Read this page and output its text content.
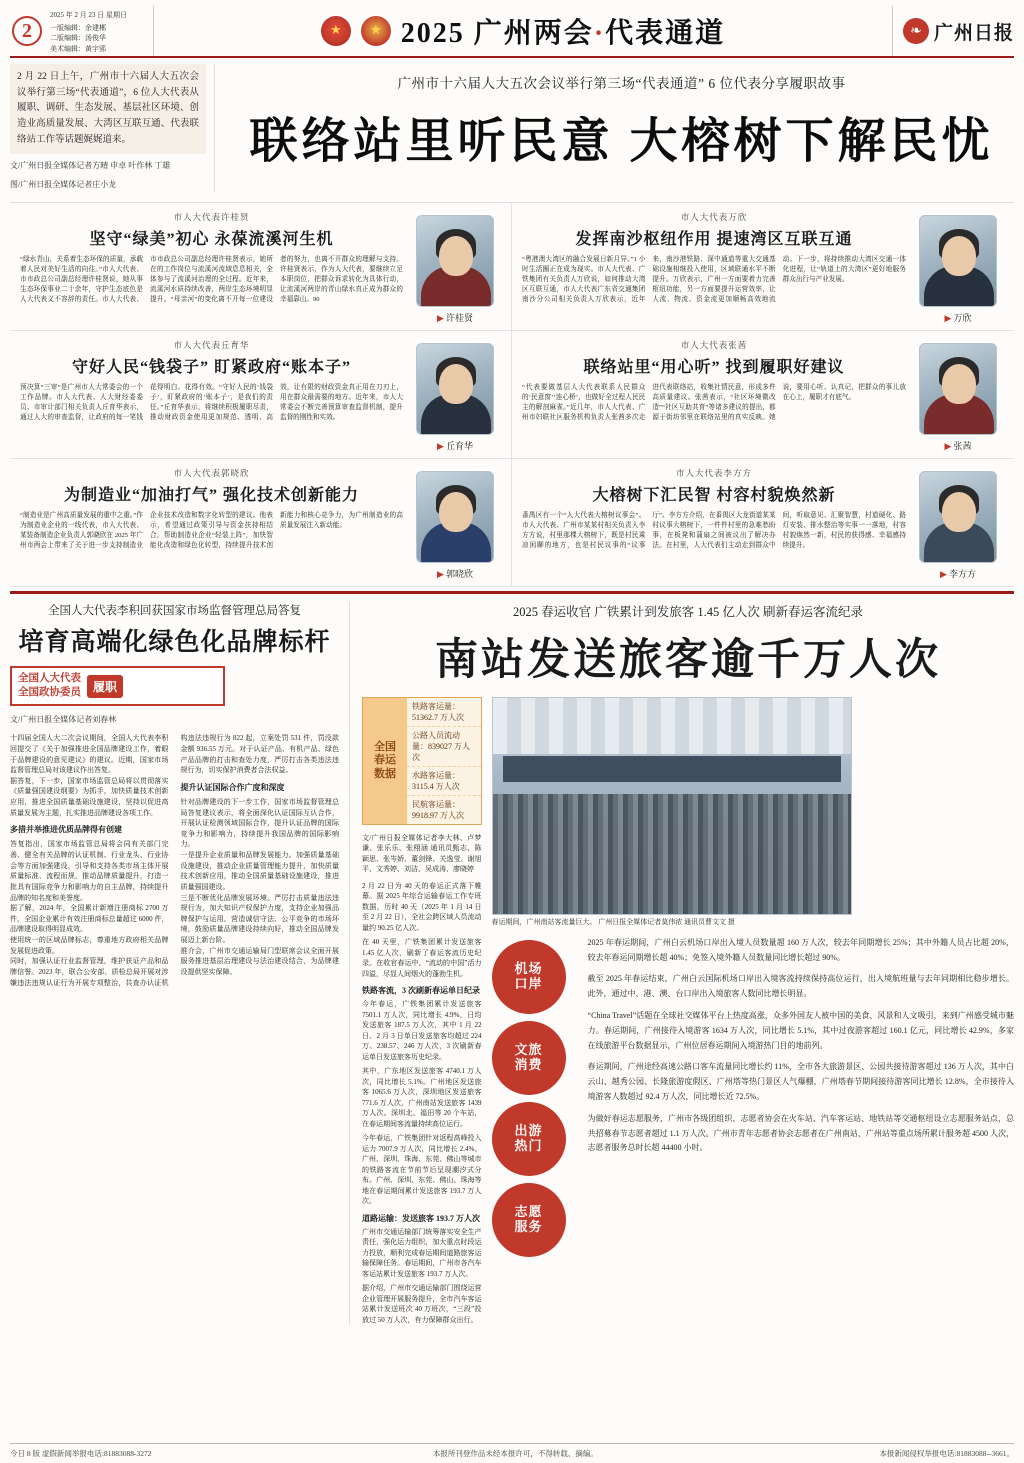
2
2025 年 2 月 23 日 星期日
一版编辑：余建郴
二版编辑：汤俊华
美术编辑：黄宇郢 ★ ★	2025 广州两会·代表通道	❧ 广州日报
2 月 22 日上午，广州市十六届人大五次会议举行第三场“代表通道”，6 位人大代表从履职、调研、生态发展、基层社区环境、创造业高质量发展、大湾区互联互通、代表联络站工作等话题娓娓道来。
文/广州日报全媒体记者方晴 申卓 叶作林 丁雄
图/广州日报全媒体记者庄小龙
广州市十六届人大五次会议举行第三场“代表通道” 6 位代表分享履职故事
联络站里听民意 大榕树下解民忧
市人大代表许桂贤
坚守“绿美”初心 永葆流溪河生机
“绿水青山，关系着生态环保的质量，承载着人民对美好生活的向往。”市人大代表、市市政总公司副总经理许桂贤说，她从事生态环保事业二十余年，守护生态底色是人大代表义不容辞的责任。市人大代表、市市政总公司副总经理许桂贤表示，她所在的工作岗位与流溪河流域息息相关，全体参与了流溪河治理的全过程。近年来，流溪河水质持续改善，两岸生态环境明显提升。“母亲河”的变化离不开每一位建设者的努力，也离不开群众的理解与支持。许桂贤表示，作为人大代表，要继续立足本职岗位，把群众诉求转化为具体行动，让流溪河两岸的青山绿水真正成为群众的幸福靠山。90
▶ 许桂贤
市人大代表万欣
发挥南沙枢纽作用 提速湾区互联互通
“粤港澳大湾区的融合发展日新月异。”1 小时生活圈正在成为现实。市人大代表、广铁集团有关负责人万欣说，如何推动大湾区互联互通，市人大代表广东省交通集团南沙分公司相关负责人万欣表示，近年来，南沙港铁路、深中通道等重大交通基础设施相继投入使用，区域联通水平不断提升。万欣表示，广州一方面要着力完善枢纽功能，另一方面要提升运营效率，让人流、物流、资金流更加顺畅高效地流动。下一步，将持续推动大湾区交通一体化进程，让“轨道上的大湾区”更好地服务群众出行与产业发展。
▶ 万欣
市人大代表丘育华
守好人民“钱袋子” 盯紧政府“账本子”
预决算“三审”是广州市人大常委会的一个工作品牌。市人大代表、人大财经委委员、市审计部门相关负责人丘育华表示，通过人大的审查监督，让政府的每一笔钱花得明白、花得有效。“守好人民的‘钱袋子’，盯紧政府的‘账本子’，是我们的责任。”丘育华表示，将继续积极履职尽责，推动财政资金使用更加规范、透明、高效，让有限的财政资金真正用在刀刃上，用在群众最需要的地方。近年来，市人大常委会不断完善预算审查监督机制，提升监督的刚性和实效。
▶ 丘育华
市人大代表张茜
联络站里“用心听” 找到履职好建议
“代表要做基层人大代表联系人民群众的‘民意窗’‘连心桥’，也做好全过程人民民主的解剖麻雀。”近几年，市人大代表、广州市妇联社区服务机构负责人张茜多次走进代表联络站，收集社情民意，形成多件高质量建议。张茜表示，“社区环境微改造”“社区互助共育”等诸多建议的提出，都源于街坊邻里在联络站里的真实反映。她说，要用心听、认真记，把群众的事儿放在心上，履职才有底气。
▶ 张茜
市人大代表郭晓欣
为制造业“加油打气” 强化技术创新能力
“制造业是广州高质量发展的重中之重。”作为制造业企业的一线代表，市人大代表、某装备制造企业负责人郭晓欣在 2025 年广州市两会上带来了关于进一步支持制造业企业技术改造和数字化转型的建议。他表示，希望通过政策引导与资金扶持相结合，帮助制造业企业“轻装上阵”，加快智能化改造和绿色化转型，持续提升技术创新能力和核心竞争力，为广州制造业的高质量发展注入新动能。
▶ 郭晓欣
市人大代表李方方
大榕树下汇民智 村容村貌焕然新
番禺区有一个“人大代表大榕树议事会”。市人大代表、广州市某某村相关负责人李方方说，村里那棵大榕树下，既是村民乘凉闲聊的地方，也是村民议事的“议事厅”。李方方介绍，在番禺区大龙街道某某村议事大榕树下，一件件村里的急难愁盼事，在板凳和蒲扇之间被议出了解决办法。在村里，人大代表们主动走到群众中间，听取意见、汇聚智慧，村道硬化、路灯安装、排水整治等实事一一落地，村容村貌焕然一新，村民的获得感、幸福感持续提升。
▶ 李方方
全国人大代表李积回获国家市场监督管理总局答复
培育高端化绿色化品牌标杆
全国人大代表
全国政协委员	履职
文/广州日报全媒体记者刘春林
十四届全国人大二次会议期间，全国人大代表李积回提交了《关于加强推进全国品牌建设工作，着眼于品牌建设的意见建议》的建议。近期，国家市场监督管理总局对该建议作出答复。
据答复，下一步，国家市场监管总局将以贯彻落实《质量强国建设纲要》为抓手，加快质量技术创新应用，推进全国质量基础设施建设，坚持以促进高质量发展为主题，扎实推进品牌建设各项工作。
多措并举推进优质品牌得有创建
答复指出，国家市场监管总局将会同有关部门完善、健全有关品牌的认证机制、行业龙头、行业协会等方面加强建设，引导和支持各类市场主体开展质量标准、流程而规，推动品牌质量提升，打造一批具有国际竞争力和影响力的自主品牌，持续提升品牌的知名度和美誉度。
据了解，2024 年，全国累计新增注册商标 2700 万件，全国企业累计有效注册商标总量超过 6000 件，品牌建设取得明显成效。
使用统一的区域品牌标志，尊重地方政府相关品牌发展促进政策。
同时，加强认证行业监督管理，维护获证产品和品牌信誉。2023 年，联合公安部、质检总局开展对涉嫌违法违规认证行为开展专项整治，共查办认证机构违法违规行为 822 起，立案处罚 531 件，罚没款金额 936.55 万元。对于认证产品、有机产品、绿色产品品牌的打击和查处力度，严厉打击各类违法违规行为，切实保护消费者合法权益。
提升认证国际合作广度和深度
针对品牌建设的下一步工作，国家市场监督管理总局答复建议表示，将全面深化认证国际互认合作，开展认证检测领域国际合作，提升认证品牌的国际竞争力和影响力，持续提升我国品牌的国际影响力。
一是提升企业质量和品牌发展能力。加强质量基础设施建设，推动企业质量管理能力提升，加快质量技术创新应用，推动全国质量基础设施建设，推进质量强国建设。
三是不断优化品牌发展环境。严厉打击质量违法违规行为，加大知识产权保护力度，支持企业加强品牌保护与运用，营造诚信守法、公平竞争的市场环境，鼓励质量品牌建设持续向好，推动全国品牌发展迈上新台阶。
推介会，广州市交通运输局门型联席会议全面开展服务推进基层治理建设与法治建设结合，为品牌建设提供坚实保障。
2025 春运收官 广铁累计到发旅客 1.45 亿人次 刷新春运客流纪录
南站发送旅客逾千万人次
全国
春运
数据
铁路客运量：51362.7 万人次
公路人员流动量：839027 万人次
水路客运量：3115.4 万人次
民航客运量：9918.97 万人次
文/广州日报全媒体记者李大林、卢梦谦、张乐乐、张栩涵 通讯员甄志、陈颖思、张岑娇、董剑锋、关逸莹、谢旭平、文秀婷、刘洁、吴成涛、廖晓婷
2 月 22 日为 40 天的春运正式落下帷幕。据 2025 年综合运输春运工作专班数据，历时 40 天（2025 年 1 月 14 日至 2 月 22 日），全社会跨区域人员流动量约 90.25 亿人次。
在 40 天里，广铁集团累计发送旅客 1.45 亿人次，刷新了春运客流历史纪录。在收官春运中，“流动的中国”活力四溢，尽显人间烟火的蓬勃生机。
铁路客流，3 次刷新春运单日纪录
今年春运，广铁集团累计发送旅客 7501.1 万人次，同比增长 4.9%，日均发送旅客 187.5 万人次，其中 1 月 22 日、2 月 3 日单日发送旅客均超过 224 万、238.57、246 万人次，3 次刷新春运单日发送旅客历史纪录。
其中，广东地区发送旅客 4740.1 万人次，同比增长 5.1%。广州地区发送旅客 1065.6 万人次，深圳地区发送旅客 771.6 万人次，广州南站发送旅客 1439 万人次。深圳北、福田等 20 个车站，在春运期间客流量持续高位运行。
今年春运，广铁集团针对返程高峰投入运力 7007.9 万人次，同比增长 2.4%。广州、深圳、珠海、东莞、佛山等城市的铁路客流在节前节后呈现潮汐式分布。广州、深圳、东莞、佛山、珠海等地在春运期间累计发送旅客 193.7 万人次。
道路运输：发送旅客 193.7 万人次
广州市交通运输部门统筹落实安全生产责任，强化运力组织，加大重点时段运力投放，顺利完成春运期间道路旅客运输保障任务。春运期间，广州市各汽车客运站累计发送旅客 193.7 万人次。
据介绍，广州市交通运输部门围绕运营企业管理开展服务提升，全市汽车客运站累计发送班次 40 万班次，“三段”投放过 50 万人次，有力保障群众出行。
春运期间，广州南站客流量巨大。 广州日报全媒体记者莫伟浓 通讯员曹文文 摄
机场
口岸
文旅
消费
出游
热门
志愿
服务

2025 年春运期间，广州白云机场口岸出入境人员数量超 160 万人次，较去年同期增长 25%；其中外籍人员占比超 20%，较去年春运同期增长超 40%；免签入境外籍人员数量同比增长超过 90%。

截至 2025 年春运结束，广州白云国际机场口岸出入境客流持续保持高位运行，出入境航班量与去年同期相比稳步增长。此外，通过中、港、澳、台口岸出入境旅客人数同比增长明显。

“China Travel”话题在全球社交媒体平台上热度高涨，众多外国友人被中国的美食、风景和人文吸引，来到广州感受城市魅力。春运期间，广州接待入境游客 1634 万人次，同比增长 5.1%，其中过夜游客超过 160.1 亿元，同比增长 42.9%，多家在线旅游平台数据显示，广州位居春运期间入境游热门目的地前列。

春运期间，广州途经高速公路口客车流量同比增长约 11%，全市各大旅游景区、公园共接待游客超过 136 万人次，其中白云山、越秀公园、长隆旅游度假区、广州塔等热门景区人气爆棚，广州塔春节期间接待游客同比增长 12.8%，全市接待入境游客人数超过 92.4 万人次，同比增长近 72.5%。

为做好春运志愿服务，广州市各级团组织、志愿者协会在火车站、汽车客运站、地铁站等交通枢纽设立志愿服务站点，总共招募春节志愿者超过 1.1 万人次。广州市青年志愿者协会志愿者在广州南站、广州站等重点场所累计服务超 4500 人次，志愿者服务总时长超 44400 小时。

今日 8 版 虚假新闻举报电话:81883088-3272	本报所刊登作品未经本报许可，不得转载、摘编。	本报新闻侵权举报电话:81883088--3661。
